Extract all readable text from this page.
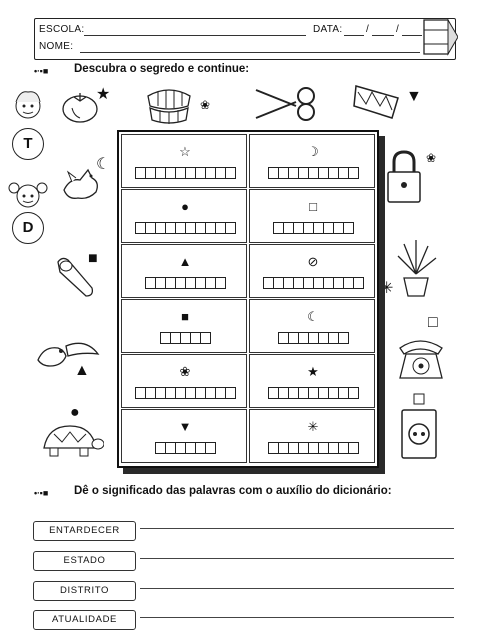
ESCOLA:	DATA: /	/
NOME:
•∙▪■ Descubra o segredo e continue:
T
D
★
❀	▼
☾	❀
■
✳
▲
□
●
☆	☽
●	□
▲	⊘
■	☾
❀	★
▼	✳
•∙▪■ Dê o significado das palavras com o auxílio do dicionário:
ENTARDECER
ESTADO
DISTRITO
ATUALIDADE
